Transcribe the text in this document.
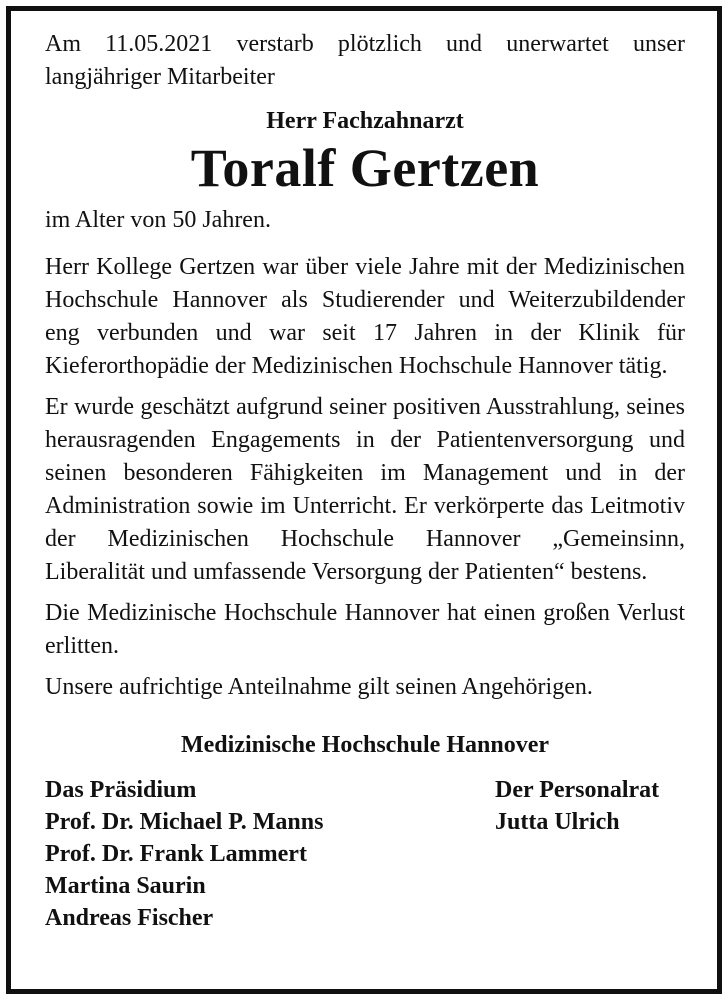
Am 11.05.2021 verstarb plötzlich und unerwartet unser langjähriger Mitarbeiter

Herr Fachzahnarzt
Toralf Gertzen

im Alter von 50 Jahren.

Herr Kollege Gertzen war über viele Jahre mit der Medizinischen Hochschule Hannover als Studierender und Weiterzubildender eng verbunden und war seit 17 Jahren in der Klinik für Kieferorthopädie der Medizinischen Hochschule Hannover tätig.

Er wurde geschätzt aufgrund seiner positiven Ausstrahlung, seines herausragenden Engagements in der Patientenversorgung und seinen besonderen Fähigkeiten im Management und in der Administration sowie im Unterricht. Er verkörperte das Leitmotiv der Medizinischen Hochschule Hannover „Gemeinsinn, Liberalität und umfassende Versorgung der Patienten“ bestens.

Die Medizinische Hochschule Hannover hat einen großen Verlust erlitten.

Unsere aufrichtige Anteilnahme gilt seinen Angehörigen.

Medizinische Hochschule Hannover
Das Präsidium
Prof. Dr. Michael P. Manns
Prof. Dr. Frank Lammert
Martina Saurin
Andreas Fischer
Der Personalrat
Jutta Ulrich
